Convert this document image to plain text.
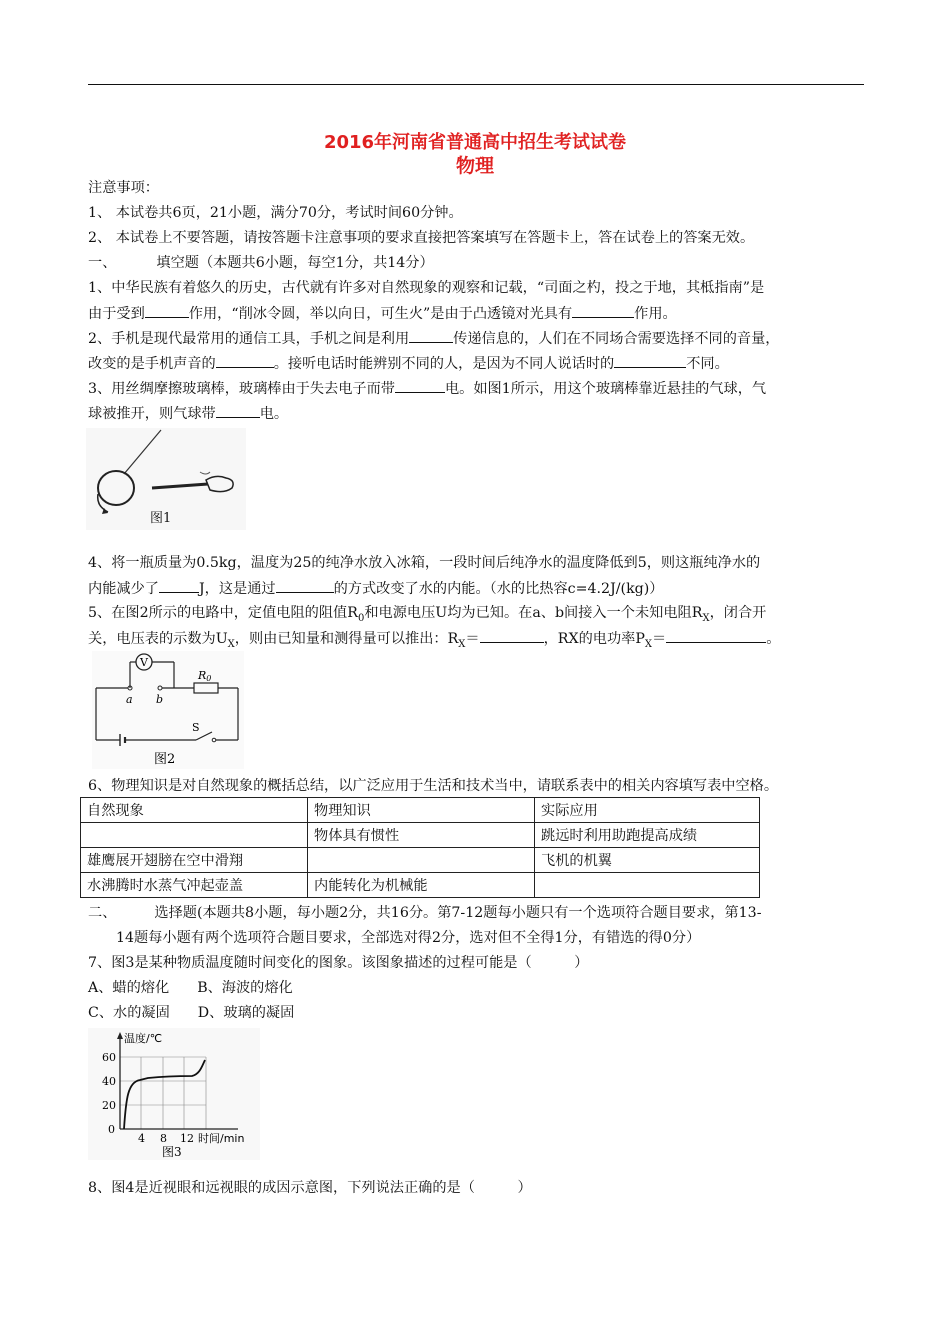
2016年河南省普通高中招生考试试卷
物理
注意事项：
1、 本试卷共6页，21小题，满分70分，考试时间60分钟。
2、 本试卷上不要答题，请按答题卡注意事项的要求直接把答案填写在答题卡上，答在试卷上的答案无效。
一、	填空题（本题共6小题，每空1分，共14分）
1、中华民族有着悠久的历史，古代就有许多对自然现象的观察和记载，“司面之杓，投之于地，其柢指南”是
由于受到	作用，“削冰令圆，举以向日，可生火”是由于凸透镜对光具有	作用。
2、手机是现代最常用的通信工具，手机之间是利用	传递信息的，人们在不同场合需要选择不同的音量，
改变的是手机声音的	。接听电话时能辨别不同的人，是因为不同人说话时的	不同。
3、用丝绸摩擦玻璃棒，玻璃棒由于失去电子而带	电。如图1所示，用这个玻璃棒靠近悬挂的气球，气
球被推开，则气球带	电。
图1
4、将一瓶质量为0.5kg，温度为25的纯净水放入冰箱，一段时间后纯净水的温度降低到5，则这瓶纯净水的
内能减少了	J，这是通过	的方式改变了水的内能。（水的比热容c=4.2J/(kg)）
5、在图2所示的电路中，定值电阻的阻值$R_0$和电源电压U均为已知。在a、b间接入一个未知电阻$R_X$，闭合开
关，电压表的示数为$U_X$，则由已知量和测得量可以推出：$R_X=$	，RX的电功率$P_X=$	。
V
R0
a b
S
图2
6、物理知识是对自然现象的概括总结，以广泛应用于生活和技术当中，请联系表中的相关内容填写表中空格。
自然现象	物理知识	实际应用
	物体具有惯性	跳远时利用助跑提高成绩
雄鹰展开翅膀在空中滑翔		飞机的机翼
水沸腾时水蒸气冲起壶盖	内能转化为机械能	
二、	选择题(本题共8小题，每小题2分，共16分。第7-12题每小题只有一个选项符合题目要求，第13-
14题每小题有两个选项符合题目要求，全部选对得2分，选对但不全得1分，有错选的得0分）
7、图3是某种物质温度随时间变化的图象。该图象描述的过程可能是（　　　）
A、蜡的熔化 B、海波的熔化
C、水的凝固 D、玻璃的凝固
温度/℃
60
40
20
0
4 8 12 时间/min
图3
8、图4是近视眼和远视眼的成因示意图，下列说法正确的是（　　　）
